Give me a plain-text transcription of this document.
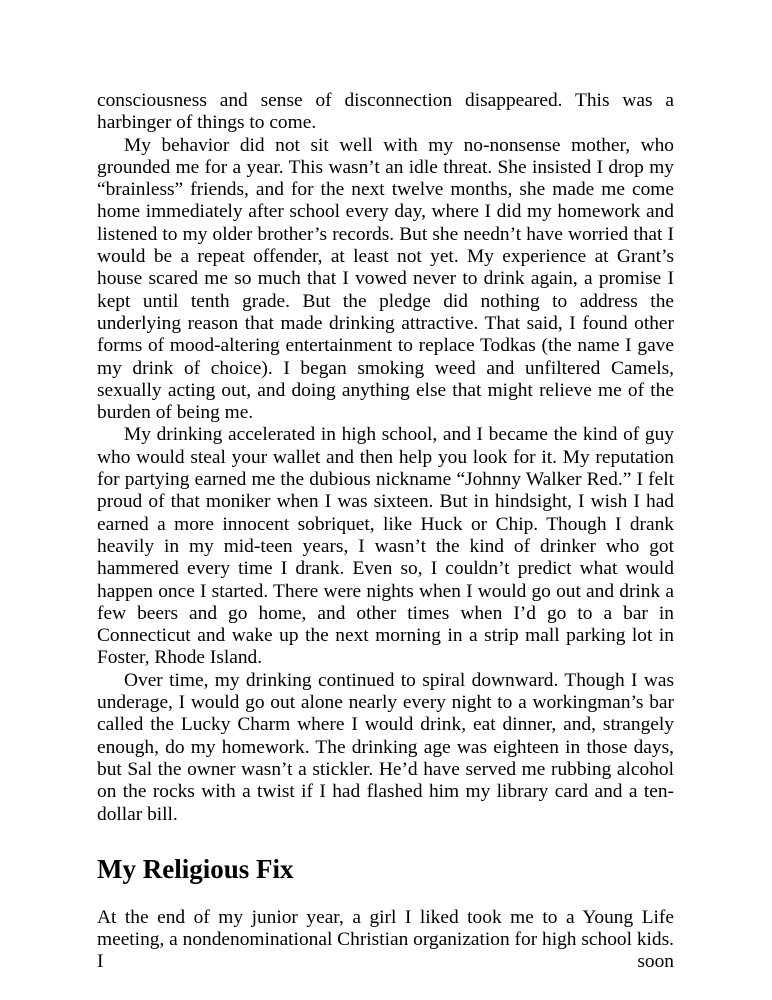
consciousness and sense of disconnection disappeared. This was a harbinger of things to come.

My behavior did not sit well with my no-nonsense mother, who grounded me for a year. This wasn’t an idle threat. She insisted I drop my “brainless” friends, and for the next twelve months, she made me come home immediately after school every day, where I did my homework and listened to my older brother’s records. But she needn’t have worried that I would be a repeat offender, at least not yet. My experience at Grant’s house scared me so much that I vowed never to drink again, a promise I kept until tenth grade. But the pledge did nothing to address the underlying reason that made drinking attractive. That said, I found other forms of mood-altering entertainment to replace Todkas (the name I gave my drink of choice). I began smoking weed and unfiltered Camels, sexually acting out, and doing anything else that might relieve me of the burden of being me.

My drinking accelerated in high school, and I became the kind of guy who would steal your wallet and then help you look for it. My reputation for partying earned me the dubious nickname “Johnny Walker Red.” I felt proud of that moniker when I was sixteen. But in hindsight, I wish I had earned a more innocent sobriquet, like Huck or Chip. Though I drank heavily in my mid-teen years, I wasn’t the kind of drinker who got hammered every time I drank. Even so, I couldn’t predict what would happen once I started. There were nights when I would go out and drink a few beers and go home, and other times when I’d go to a bar in Connecticut and wake up the next morning in a strip mall parking lot in Foster, Rhode Island.

Over time, my drinking continued to spiral downward. Though I was underage, I would go out alone nearly every night to a workingman’s bar called the Lucky Charm where I would drink, eat dinner, and, strangely enough, do my homework. The drinking age was eighteen in those days, but Sal the owner wasn’t a stickler. He’d have served me rubbing alcohol on the rocks with a twist if I had flashed him my library card and a ten-dollar bill.

My Religious Fix

At the end of my junior year, a girl I liked took me to a Young Life meeting, a nondenominational Christian organization for high school kids. I soon
